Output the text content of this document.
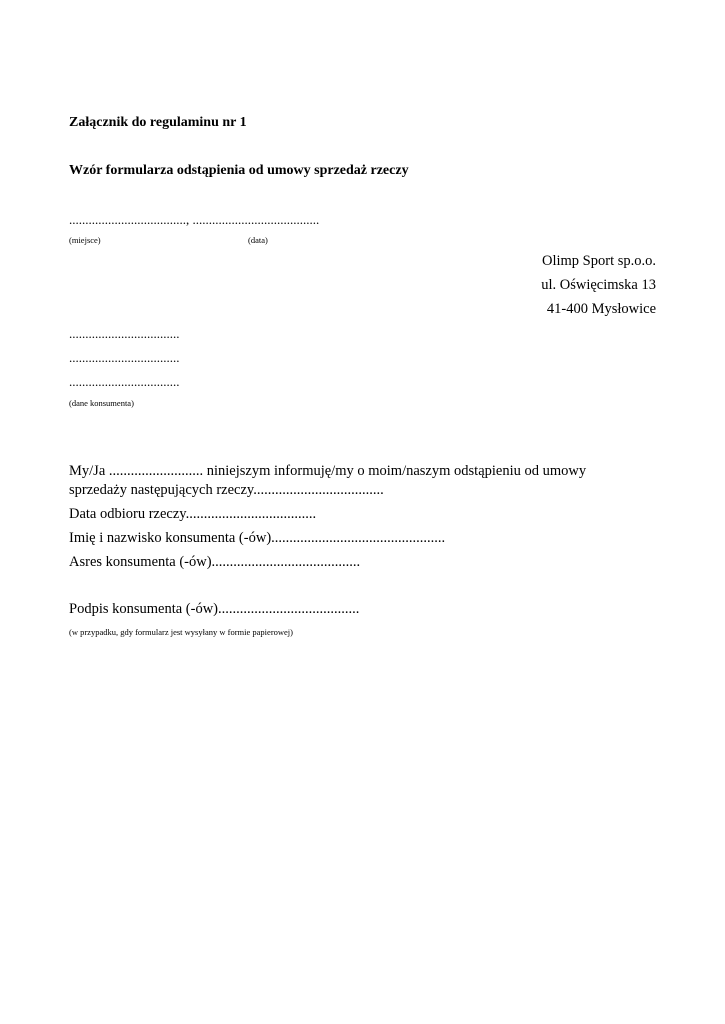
Załącznik do regulaminu nr 1

Wzór formularza odstąpienia od umowy sprzedaż rzeczy

...................................., .......................................

(miejsce)	(data)

Olimp Sport sp.o.o.

ul. Oświęcimska 13

41-400 Mysłowice

..................................

..................................

..................................

(dane konsumenta)

My/Ja .......................... niniejszym informuję/my o moim/naszym odstąpieniu od umowy

sprzedaży następujących rzeczy....................................

Data odbioru rzeczy....................................

Imię i nazwisko konsumenta (-ów)................................................

Asres konsumenta (-ów).........................................

Podpis konsumenta (-ów).......................................

(w przypadku, gdy formularz jest wysyłany w formie papierowej)
